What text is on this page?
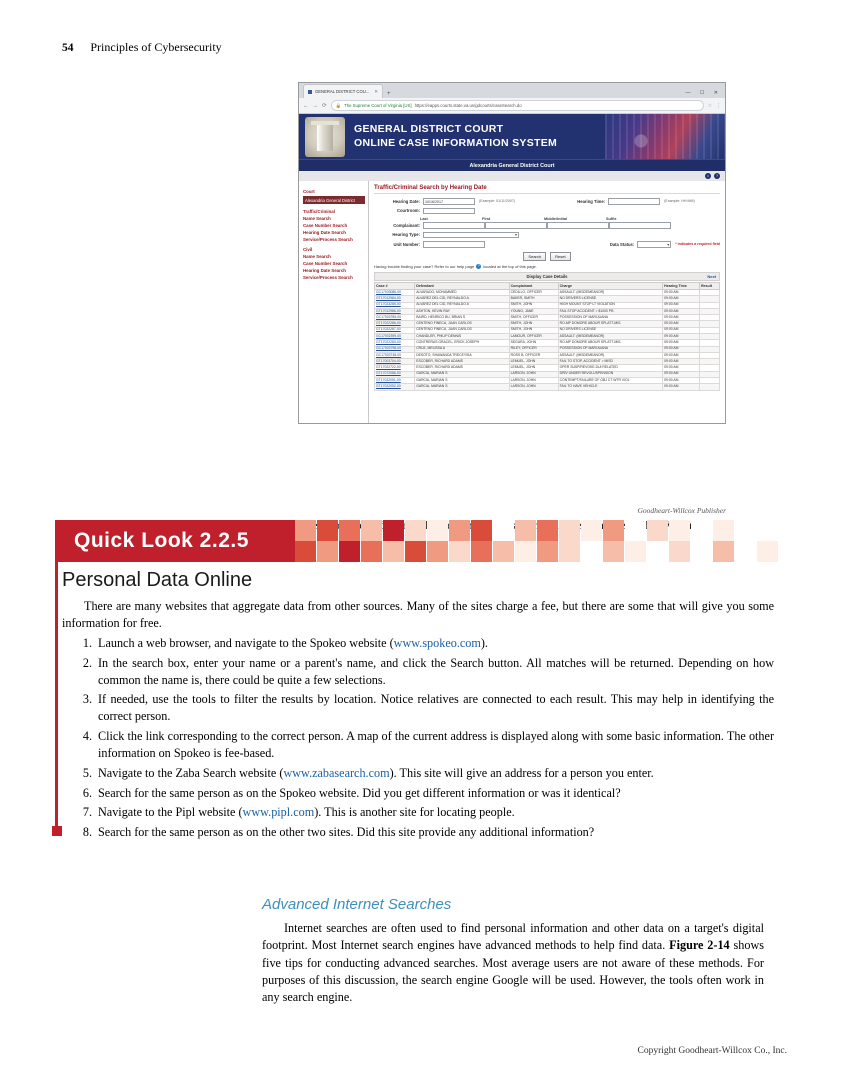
54 Principles of Cybersecurity
GENERAL DISTRICT COU... ✕ +	— ☐ ✕
← → ⟳ 🔒 The Supreme Court of Virginia [US] https://eapps.courts.state.va.us/gdcourts/caseSearch.do	☆ ⋮
GENERAL DISTRICT COURT
ONLINE CASE INFORMATION SYSTEM
Alexandria General District Court
⌂	?
Court
Alexandria General District
Traffic/Criminal
Name Search
Case Number Search
Hearing Date Search
Service/Process Search
Civil
Name Search
Case Number Search
Hearing Date Search
Service/Process Search
Traffic/Criminal Search by Hearing Date
Hearing Date:	10/16/2017	(Example: 01/11/2007)	Hearing Time:	(Example: HH:MM)
Courtroom:
Last	First	Middle/Initial	Suffix
Complainant:
Hearing Type:
▾
Unit Number:	Data Status: ▾	* indicates a required field
Search	Reset
Having trouble finding your case? Refer to our help page ? located at the top of this page.
Display Case Details	Next
Case #	Defendant	Complainant	Charge	Hearing Time	Result
GC17003086-00	ALVARADO, MOHAMMED	CEDILLO, OFFICER	ASSAULT: (MISDEMEANOR)	09:00 AM	
GT17012984-00	ALVAREZ DEL CID, REYNALDO A	BAKER, SMITH	NO DRIVERS LICENSE	09:00 AM	
GT17023285-00	ALVAREZ DEL CID, REYNALDO A	SMITH, JOHN	HIGH MOUNT STOP LT VIOLATION	09:00 AM	
GT17012986-00	ASHTON, KEVIN RAY	YOUNG, JANE	FAIL STOP ACCIDENT > $1000 PR.	09:00 AM	
GC17003785-00	BAIRD, HENRICO BU, BRIAN S	SMITH, OFFICER	POSSESSION OF MARIJUANA	09:00 AM	
GT17022286-00	CENTENO FINECA, JUAN CARLOS	SMITH, JOHN	RO-MP DOMORE ABOUR SPLATT-MIS.	09:00 AM	
GT17022287-00	CENTENO FINECA, JUAN CARLOS	SMITH, JOHN	NO DRIVERS LICENSE	09:00 AM	
GC17002399-00	CHANDLER, PHILIP DENNIS	LAMOUR, OFFICER	ASSAULT: (MISDEMEANOR)	09:00 AM	
GT17022283-00	CONTRERAS GRACEL, ERICK JOSEPH	SEGURA, JOHN	RO-MP DOMORE ABOUR SPLATT-MIS.	09:00 AM	
GC17003798-00	CRUZ, MELISSA A	RILEY, OFFICER	POSSESSION OF MARIJUANA	09:00 AM	
GC17003748-00	DESOTO, SHAWANDA TRECEYSIA	ROSS B, OFFICER	ASSAULT: (MISDEMEANOR)	09:00 AM	
GT17003704-00	ESCOBER, RICHARD ADAMS	LEMUEL, JOHN	FAIL TO STOP, ACCIDENT > MISD	09:00 AM	
GT17022722-00	ESCOBER, RICHARD ADAMS	LEMUEL, JOHN	OPER SUSP/REVOKE-DUI RELATED	09:00 AM	
GT17072086-00	GARCIA, MARIAN S	LARSON, JOHN	DRIV UNDER REVOLUSPENSION	09:00 AM	
GT17022051-00	GARCIA, MARIAN S	LARSON, JOHN	CONTEMPT/FAILURE OF OBJ CT WTR VIOL	09:00 AM	
GT17022052-00	GARCIA, MARIAN S	LARSON, JOHN	FAIL TO HAVE VEHICLE	09:00 AM	
Goodheart-Willcox Publisher
Quick Look 2.2.5
Personal Data Online
There are many websites that aggregate data from other sources. Many of the sites charge a fee, but there are some that will give you some information for free.
1. Launch a web browser, and navigate to the Spokeo website (www.spokeo.com).
2. In the search box, enter your name or a parent's name, and click the Search button. All matches will be returned. Depending on how common the name is, there could be quite a few selections.
3. If needed, use the tools to filter the results by location. Notice relatives are connected to each result. This may help in identifying the correct person.
4. Click the link corresponding to the correct person. A map of the current address is displayed along with some basic information. The other information on Spokeo is fee-based.
5. Navigate to the Zaba Search website (www.zabasearch.com). This site will give an address for a person you enter.
6. Search for the same person as on the Spokeo website. Did you get different information or was it identical?
7. Navigate to the Pipl website (www.pipl.com). This is another site for locating people.
8. Search for the same person as on the other two sites. Did this site provide any additional information?
Advanced Internet Searches
Internet searches are often used to find personal information and other data on a target's digital footprint. Most Internet search engines have advanced methods to help find data. Figure 2-14 shows five tips for conducting advanced searches. Most average users are not aware of these methods. For purposes of this discussion, the search engine Google will be used. However, the tools often work in any search engine.
Copyright Goodheart-Willcox Co., Inc.
